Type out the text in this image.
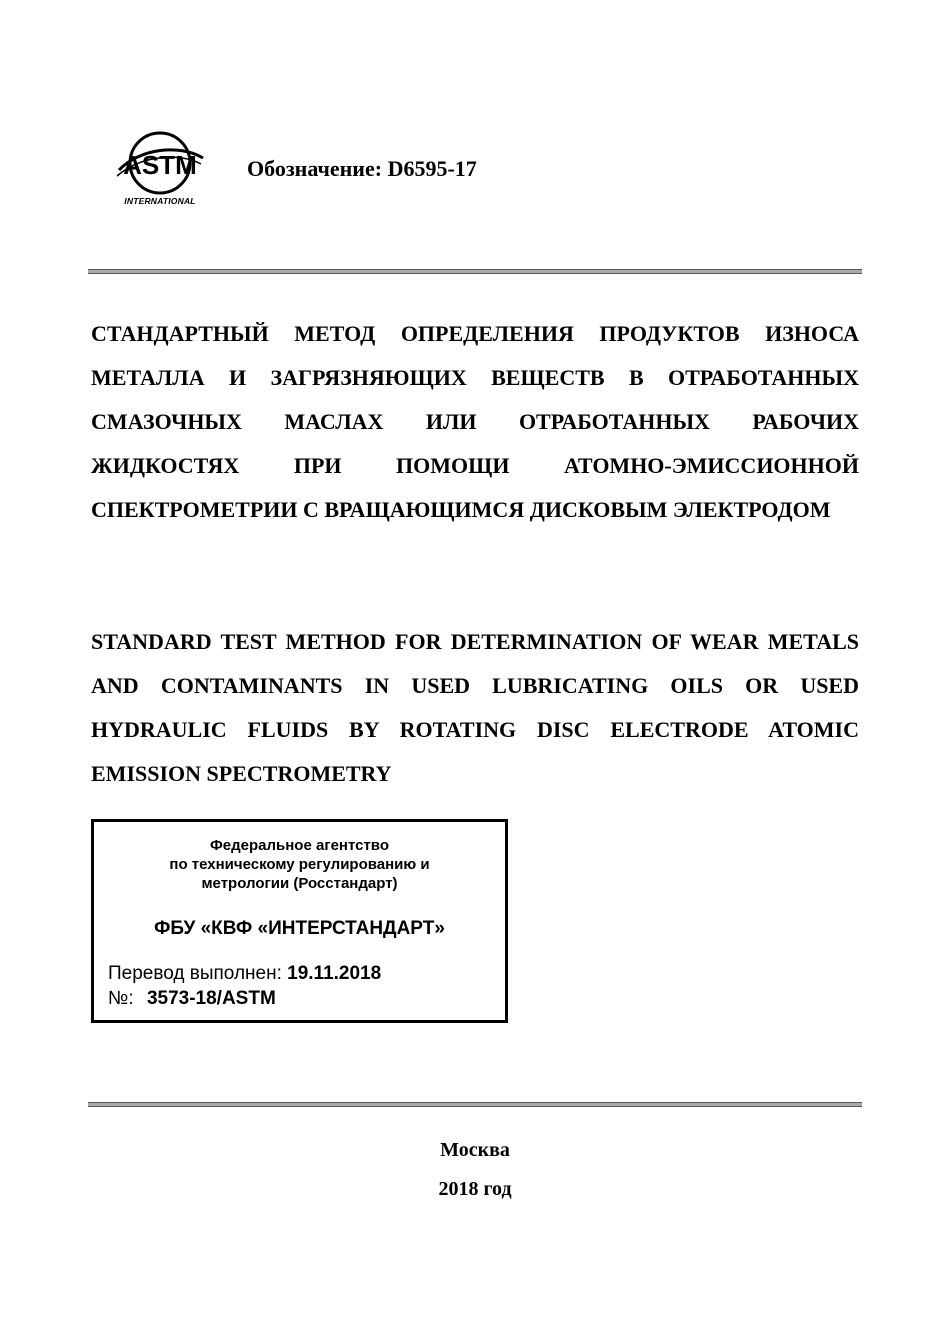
ASTM
INTERNATIONAL
Обозначение: D6595-17
СТАНДАРТНЫЙ МЕТОД ОПРЕДЕЛЕНИЯ ПРОДУКТОВ ИЗНОСА МЕТАЛЛА И ЗАГРЯЗНЯЮЩИХ ВЕЩЕСТВ В ОТРАБОТАННЫХ СМАЗОЧНЫХ МАСЛАХ ИЛИ ОТРАБОТАННЫХ РАБОЧИХ ЖИДКОСТЯХ ПРИ ПОМОЩИ АТОМНО-ЭМИССИОННОЙ СПЕКТРОМЕТРИИ С ВРАЩАЮЩИМСЯ ДИСКОВЫМ ЭЛЕКТРОДОМ
STANDARD TEST METHOD FOR DETERMINATION OF WEAR METALS AND CONTAMINANTS IN USED LUBRICATING OILS OR USED HYDRAULIC FLUIDS BY ROTATING DISC ELECTRODE ATOMIC EMISSION SPECTROMETRY
Федеральное агентство
по техническому регулированию и
метрологии (Росстандарт)
ФБУ «КВФ «ИНТЕРСТАНДАРТ»
Перевод выполнен: 19.11.2018
№: 3573-18/ASTM
Москва
2018 год
